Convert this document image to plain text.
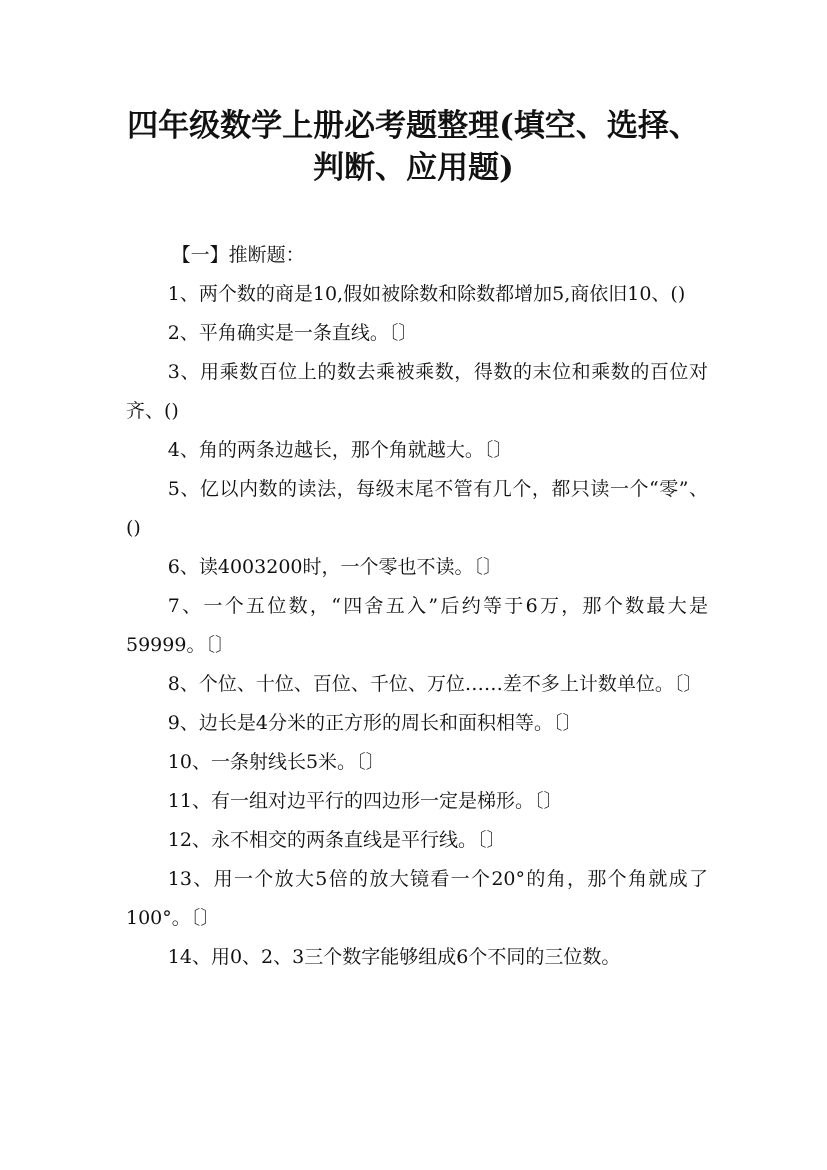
四年级数学上册必考题整理(填空、选择、
判断、应用题)

【一】推断题：

1、两个数的商是10,假如被除数和除数都增加5,商依旧10、()

2、平角确实是一条直线。〔〕

3、用乘数百位上的数去乘被乘数，得数的末位和乘数的百位对齐、()

4、角的两条边越长，那个角就越大。〔〕

5、亿以内数的读法，每级末尾不管有几个，都只读一个“零”、()

6、读4003200时，一个零也不读。〔〕

7、一个五位数，“四舍五入”后约等于6万，那个数最大是59999。〔〕

8、个位、十位、百位、千位、万位……差不多上计数单位。〔〕

9、边长是4分米的正方形的周长和面积相等。〔〕

10、一条射线长5米。〔〕

11、有一组对边平行的四边形一定是梯形。〔〕

12、永不相交的两条直线是平行线。〔〕

13、用一个放大5倍的放大镜看一个20°的角，那个角就成了100°。〔〕

14、用0、2、3三个数字能够组成6个不同的三位数。
